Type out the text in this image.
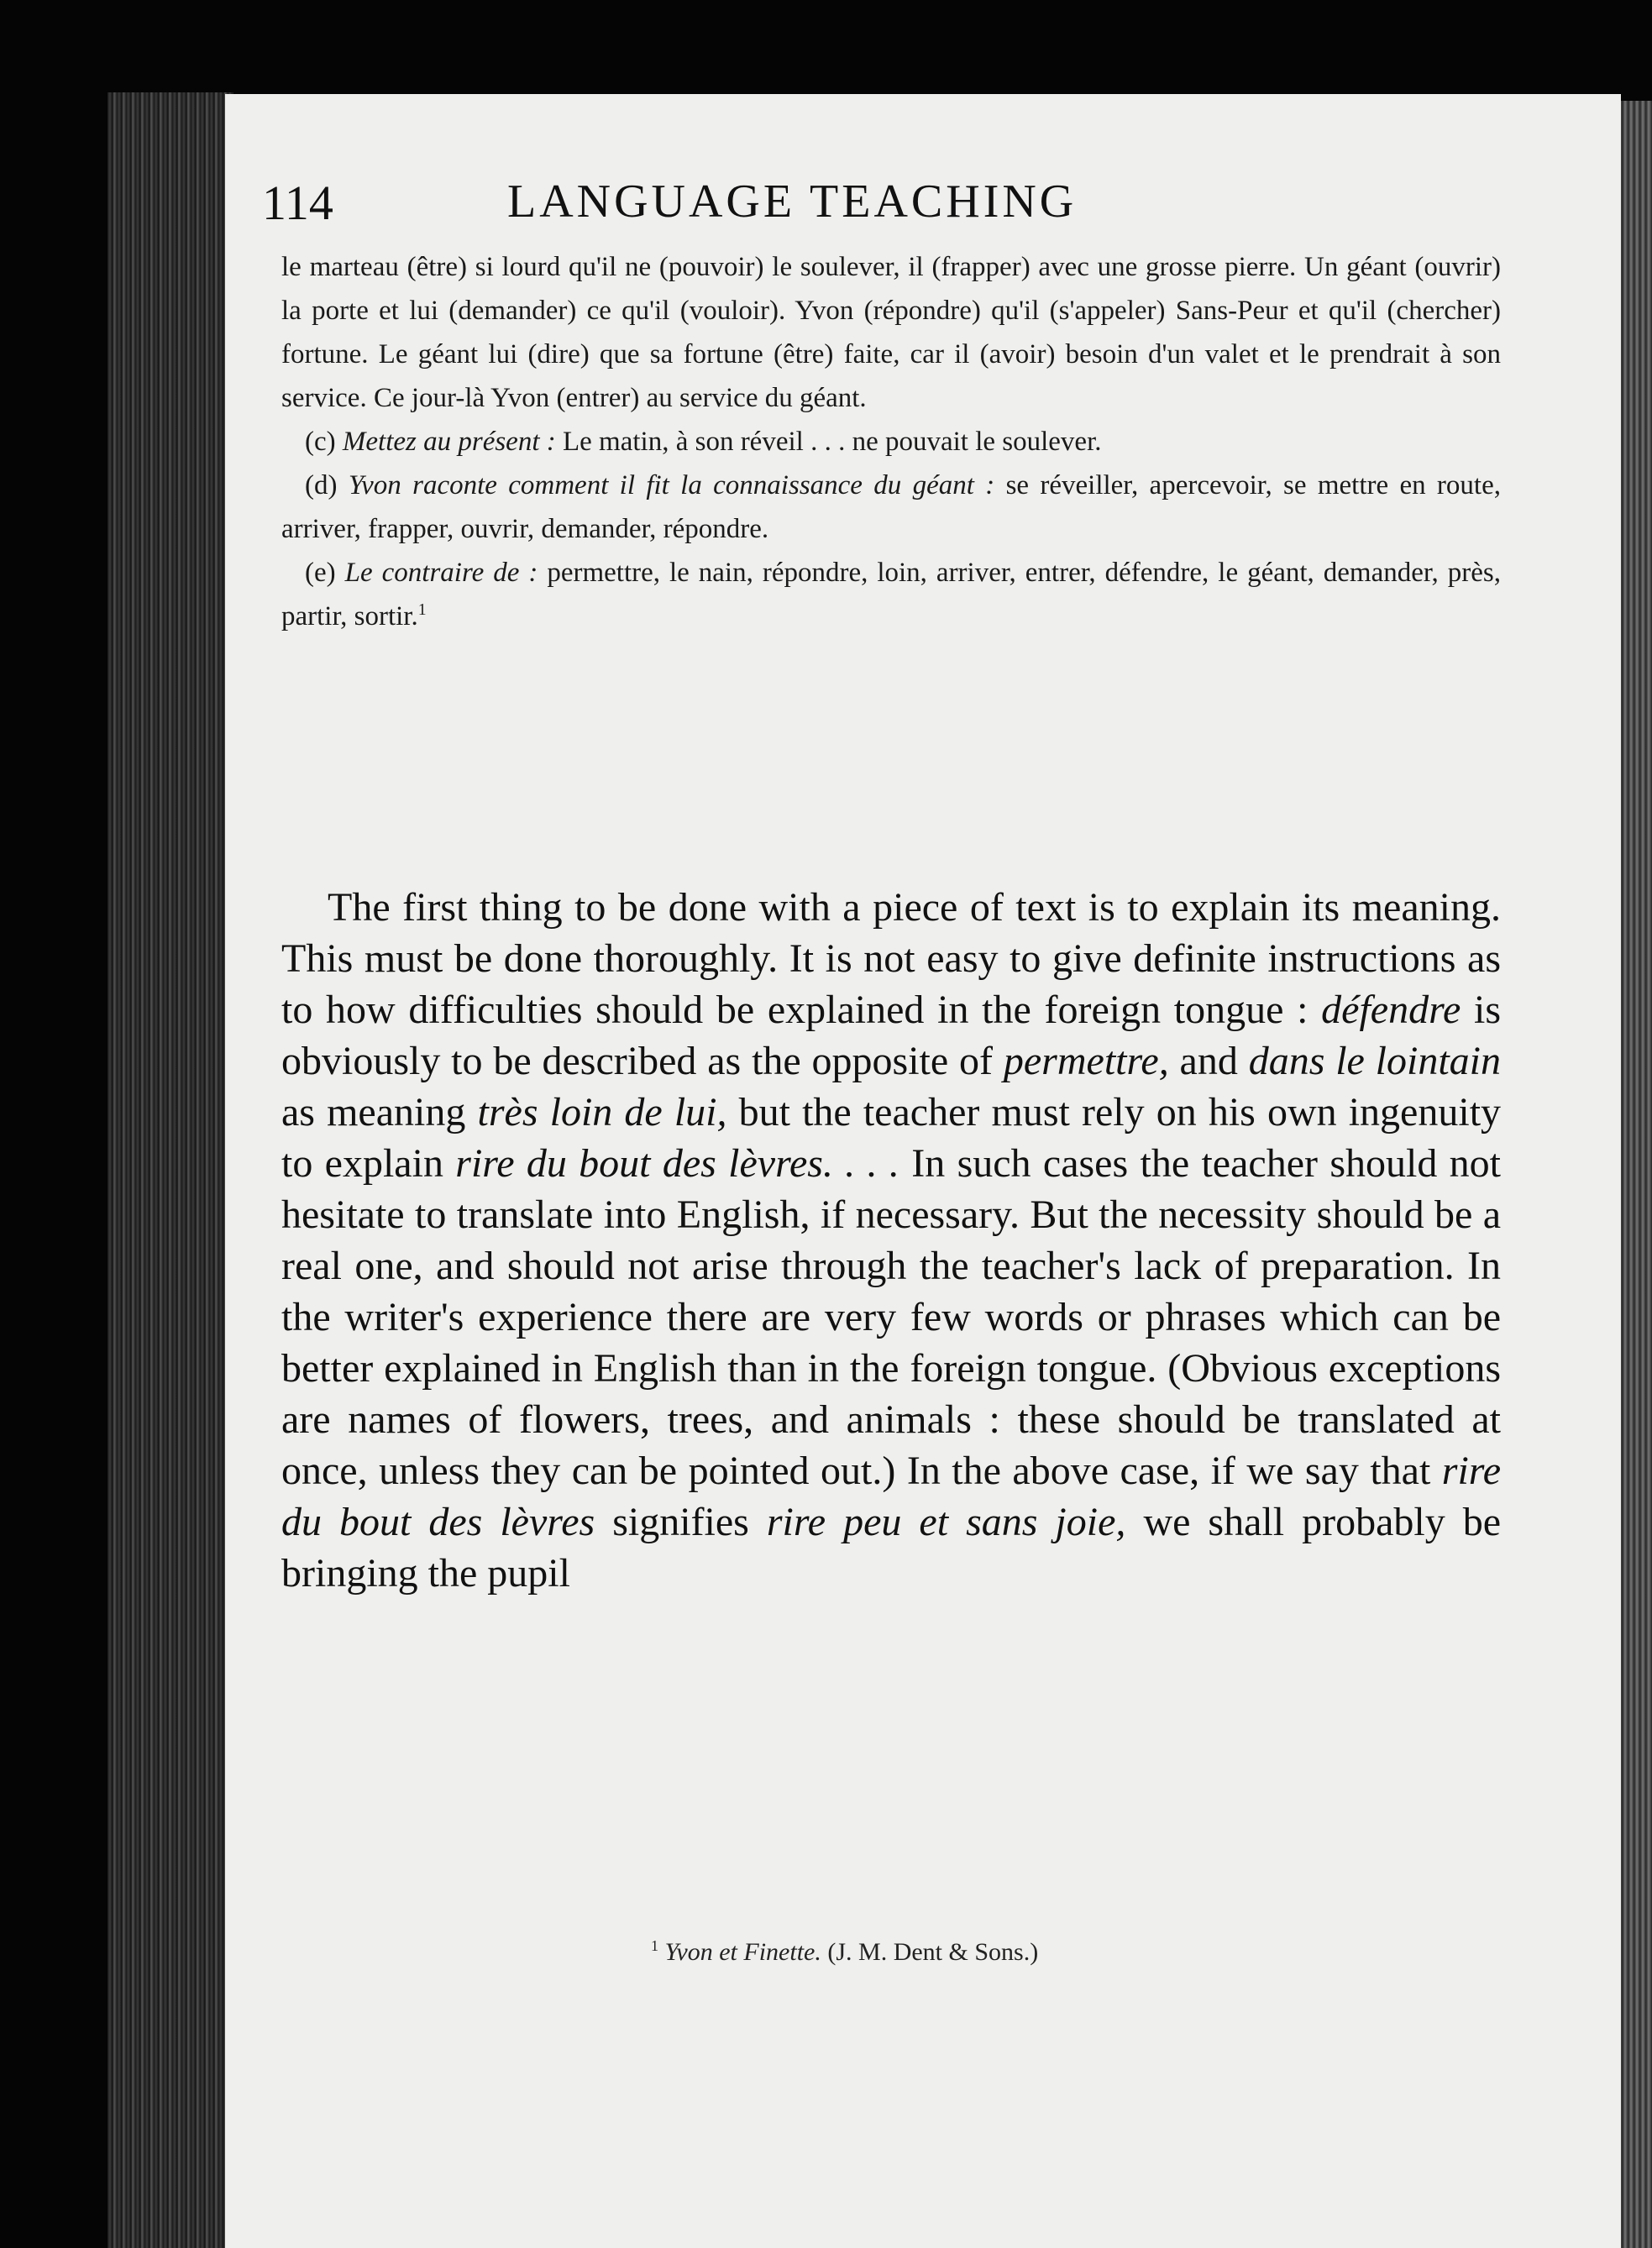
114	LANGUAGE TEACHING

le marteau (être) si lourd qu'il ne (pouvoir) le soulever, il (frapper) avec une grosse pierre. Un géant (ouvrir) la porte et lui (demander) ce qu'il (vouloir). Yvon (répondre) qu'il (s'appeler) Sans-Peur et qu'il (chercher) fortune. Le géant lui (dire) que sa fortune (être) faite, car il (avoir) besoin d'un valet et le prendrait à son service. Ce jour-là Yvon (entrer) au service du géant.

(c) Mettez au présent : Le matin, à son réveil . . . ne pouvait le soulever.

(d) Yvon raconte comment il fit la connaissance du géant : se réveiller, apercevoir, se mettre en route, arriver, frapper, ouvrir, demander, répondre.

(e) Le contraire de : permettre, le nain, répondre, loin, arriver, entrer, défendre, le géant, demander, près, partir, sortir.$^1$

The first thing to be done with a piece of text is to explain its meaning. This must be done thoroughly. It is not easy to give definite instructions as to how difficulties should be explained in the foreign tongue : défendre is obviously to be described as the opposite of permettre, and dans le lointain as meaning très loin de lui, but the teacher must rely on his own ingenuity to explain rire du bout des lèvres. . . . In such cases the teacher should not hesitate to translate into English, if necessary. But the necessity should be a real one, and should not arise through the teacher's lack of preparation. In the writer's experience there are very few words or phrases which can be better explained in English than in the foreign tongue. (Obvious exceptions are names of flowers, trees, and animals : these should be translated at once, unless they can be pointed out.) In the above case, if we say that rire du bout des lèvres signifies rire peu et sans joie, we shall probably be bringing the pupil

$^1$ Yvon et Finette. (J. M. Dent & Sons.)
